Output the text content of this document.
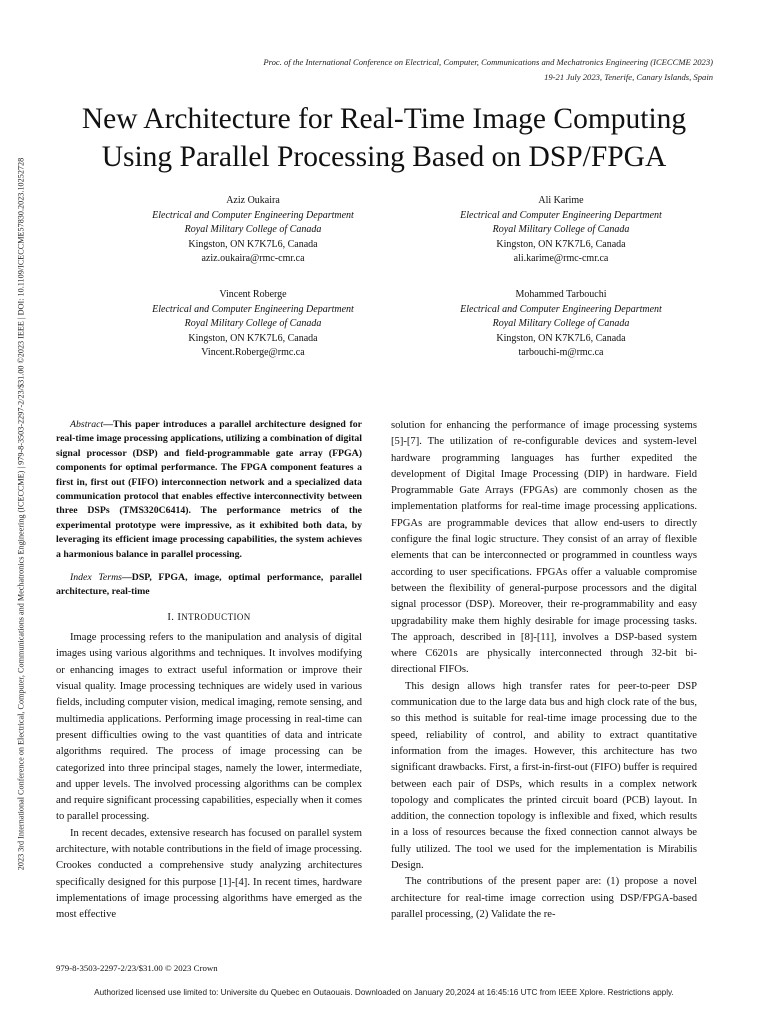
2023 3rd International Conference on Electrical, Computer, Communications and Mechatronics Engineering (ICECCME) | 979-8-3503-2297-2/23/$31.00 ©2023 IEEE | DOI: 10.1109/ICECCME57830.2023.10252728
Proc. of the International Conference on Electrical, Computer, Communications and Mechatronics Engineering (ICECCME 2023)
19-21 July 2023, Tenerife, Canary Islands, Spain
New Architecture for Real-Time Image Computing
Using Parallel Processing Based on DSP/FPGA
Aziz Oukaira
Electrical and Computer Engineering Department
Royal Military College of Canada
Kingston, ON K7K7L6, Canada
aziz.oukaira@rmc-cmr.ca
Ali Karime
Electrical and Computer Engineering Department
Royal Military College of Canada
Kingston, ON K7K7L6, Canada
ali.karime@rmc-cmr.ca
Vincent Roberge
Electrical and Computer Engineering Department
Royal Military College of Canada
Kingston, ON K7K7L6, Canada
Vincent.Roberge@rmc.ca
Mohammed Tarbouchi
Electrical and Computer Engineering Department
Royal Military College of Canada
Kingston, ON K7K7L6, Canada
tarbouchi-m@rmc.ca

Abstract—This paper introduces a parallel architecture designed for real-time image processing applications, utilizing a combination of digital signal processor (DSP) and field-programmable gate array (FPGA) components for optimal performance. The FPGA component features a first in, first out (FIFO) interconnection network and a specialized data communication protocol that enables effective interconnectivity between three DSPs (TMS320C6414). The performance metrics of the experimental prototype were impressive, as it exhibited both data, by leveraging its efficient image processing capabilities, the system achieves a harmonious balance in parallel processing.

Index Terms—DSP, FPGA, image, optimal performance, parallel architecture, real-time

I. INTRODUCTION

Image processing refers to the manipulation and analysis of digital images using various algorithms and techniques. It involves modifying or enhancing images to extract useful information or improve their visual quality. Image processing techniques are widely used in various fields, including computer vision, medical imaging, remote sensing, and multimedia applications. Performing image processing in real-time can present difficulties owing to the vast quantities of data and intricate algorithms required. The process of image processing can be categorized into three principal stages, namely the lower, intermediate, and upper levels. The involved processing algorithms can be complex and require significant processing capabilities, especially when it comes to parallel processing.

In recent decades, extensive research has focused on parallel system architecture, with notable contributions in the field of image processing. Crookes conducted a comprehensive study analyzing architectures specifically designed for this purpose [1]-[4]. In recent times, hardware implementations of image processing algorithms have emerged as the most effective

solution for enhancing the performance of image processing systems [5]-[7]. The utilization of re-configurable devices and system-level hardware programming languages has further expedited the development of Digital Image Processing (DIP) in hardware. Field Programmable Gate Arrays (FPGAs) are commonly chosen as the implementation platforms for real-time image processing applications. FPGAs are programmable devices that allow end-users to directly configure the final logic structure. They consist of an array of flexible elements that can be interconnected or programmed in countless ways according to user specifications. FPGAs offer a valuable compromise between the flexibility of general-purpose processors and the digital signal processor (DSP). Moreover, their re-programmability and easy upgradability make them highly desirable for image processing tasks. The approach, described in [8]-[11], involves a DSP-based system where C6201s are physically interconnected through 32-bit bi-directional FIFOs.

This design allows high transfer rates for peer-to-peer DSP communication due to the large data bus and high clock rate of the bus, so this method is suitable for real-time image processing due to the speed, reliability of control, and ability to extract quantitative information from the images. However, this architecture has two significant drawbacks. First, a first-in-first-out (FIFO) buffer is required between each pair of DSPs, which results in a complex network topology and complicates the printed circuit board (PCB) layout. In addition, the connection topology is inflexible and fixed, which results in a loss of resources because the fixed connection cannot always be fully utilized. The tool we used for the implementation is Mirabilis Design.

The contributions of the present paper are: (1) propose a novel architecture for real-time image correction using DSP/FPGA-based parallel processing, (2) Validate the re-

979-8-3503-2297-2/23/$31.00 © 2023 Crown
Authorized licensed use limited to: Universite du Quebec en Outaouais. Downloaded on January 20,2024 at 16:45:16 UTC from IEEE Xplore. Restrictions apply.
